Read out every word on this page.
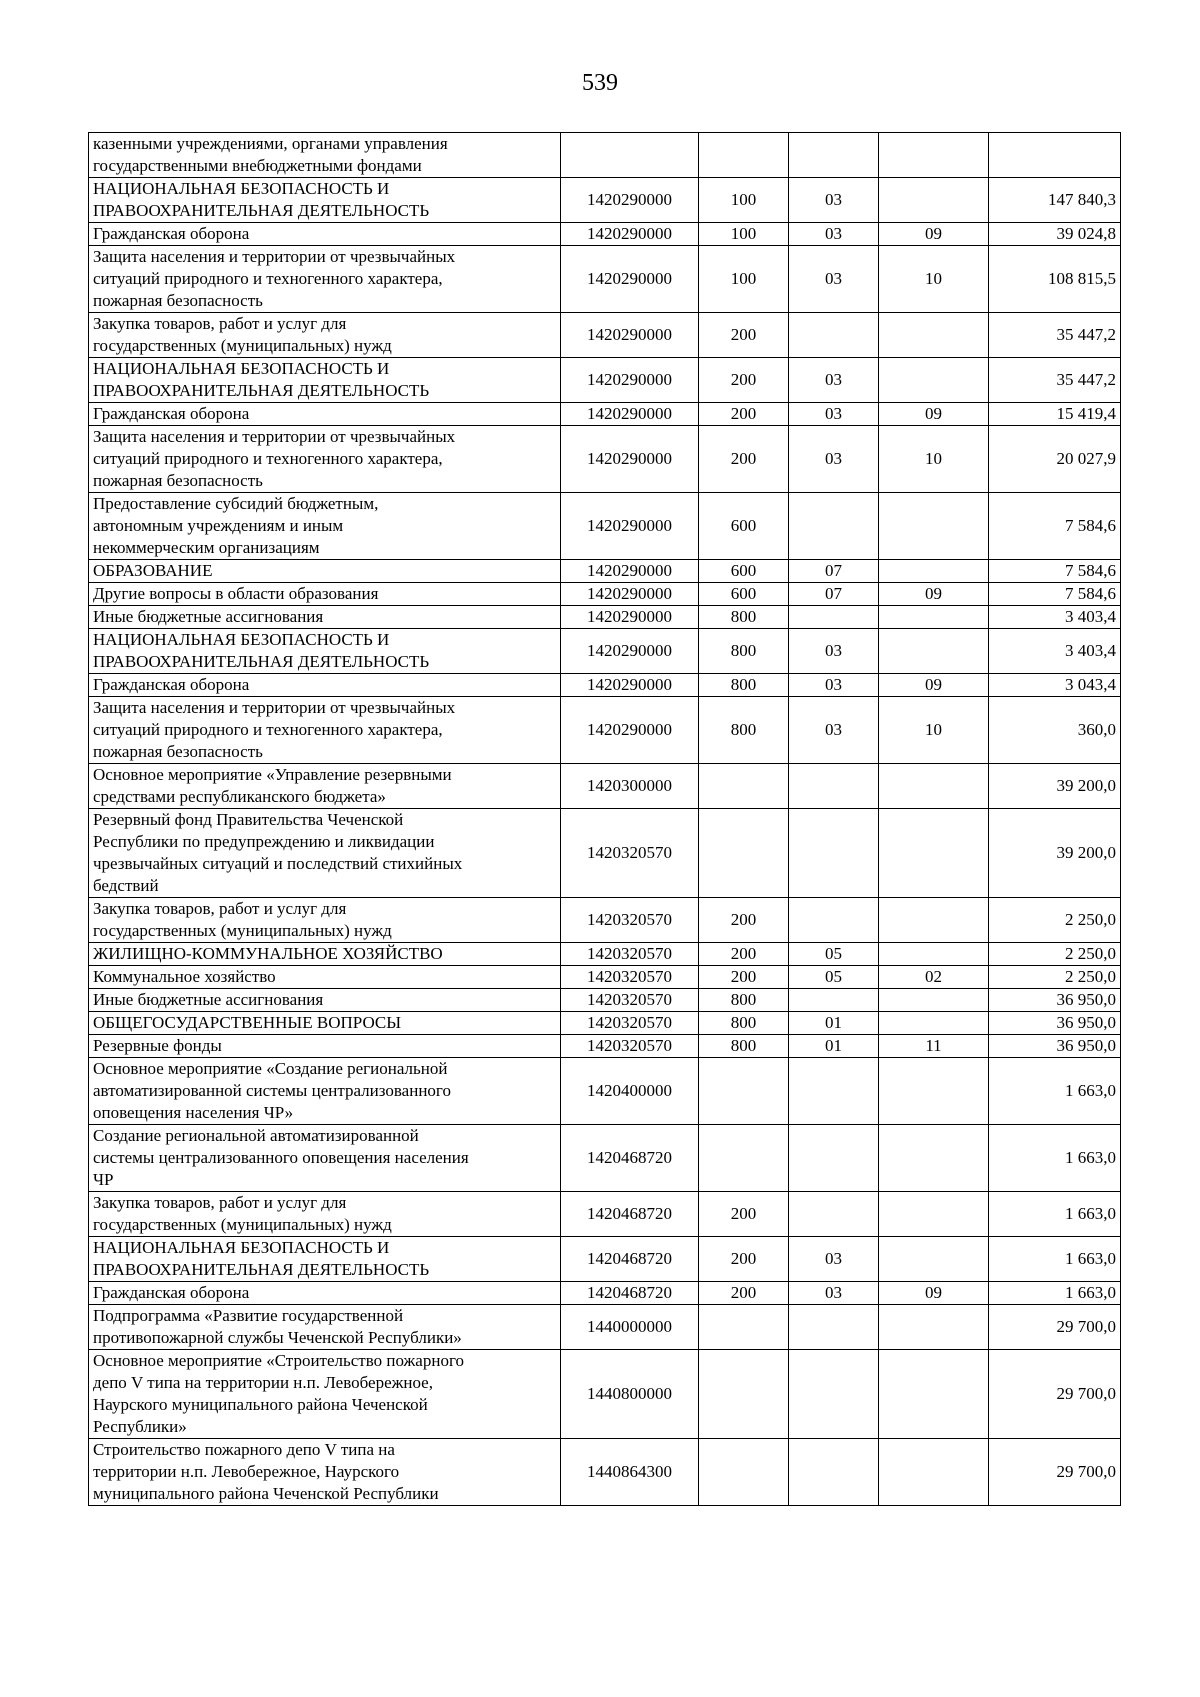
539
казенными учреждениями, органами управления
государственными внебюджетными фондами					
НАЦИОНАЛЬНАЯ БЕЗОПАСНОСТЬ И
ПРАВООХРАНИТЕЛЬНАЯ ДЕЯТЕЛЬНОСТЬ	1420290000	100	03		147 840,3
Гражданская оборона	1420290000	100	03	09	39 024,8
Защита населения и территории от чрезвычайных
ситуаций природного и техногенного характера,
пожарная безопасность	1420290000	100	03	10	108 815,5
Закупка товаров, работ и услуг для
государственных (муниципальных) нужд	1420290000	200			35 447,2
НАЦИОНАЛЬНАЯ БЕЗОПАСНОСТЬ И
ПРАВООХРАНИТЕЛЬНАЯ ДЕЯТЕЛЬНОСТЬ	1420290000	200	03		35 447,2
Гражданская оборона	1420290000	200	03	09	15 419,4
Защита населения и территории от чрезвычайных
ситуаций природного и техногенного характера,
пожарная безопасность	1420290000	200	03	10	20 027,9
Предоставление субсидий бюджетным,
автономным учреждениям и иным
некоммерческим организациям	1420290000	600			7 584,6
ОБРАЗОВАНИЕ	1420290000	600	07		7 584,6
Другие вопросы в области образования	1420290000	600	07	09	7 584,6
Иные бюджетные ассигнования	1420290000	800			3 403,4
НАЦИОНАЛЬНАЯ БЕЗОПАСНОСТЬ И
ПРАВООХРАНИТЕЛЬНАЯ ДЕЯТЕЛЬНОСТЬ	1420290000	800	03		3 403,4
Гражданская оборона	1420290000	800	03	09	3 043,4
Защита населения и территории от чрезвычайных
ситуаций природного и техногенного характера,
пожарная безопасность	1420290000	800	03	10	360,0
Основное мероприятие «Управление резервными
средствами республиканского бюджета»	1420300000				39 200,0
Резервный фонд Правительства Чеченской
Республики по предупреждению и ликвидации
чрезвычайных ситуаций и последствий стихийных
бедствий	1420320570				39 200,0
Закупка товаров, работ и услуг для
государственных (муниципальных) нужд	1420320570	200			2 250,0
ЖИЛИЩНО-КОММУНАЛЬНОЕ ХОЗЯЙСТВО	1420320570	200	05		2 250,0
Коммунальное хозяйство	1420320570	200	05	02	2 250,0
Иные бюджетные ассигнования	1420320570	800			36 950,0
ОБЩЕГОСУДАРСТВЕННЫЕ ВОПРОСЫ	1420320570	800	01		36 950,0
Резервные фонды	1420320570	800	01	11	36 950,0
Основное мероприятие «Создание региональной
автоматизированной системы централизованного
оповещения населения ЧР»	1420400000				1 663,0
Создание региональной автоматизированной
системы централизованного оповещения населения
ЧР	1420468720				1 663,0
Закупка товаров, работ и услуг для
государственных (муниципальных) нужд	1420468720	200			1 663,0
НАЦИОНАЛЬНАЯ БЕЗОПАСНОСТЬ И
ПРАВООХРАНИТЕЛЬНАЯ ДЕЯТЕЛЬНОСТЬ	1420468720	200	03		1 663,0
Гражданская оборона	1420468720	200	03	09	1 663,0
Подпрограмма «Развитие государственной
противопожарной службы Чеченской Республики»	1440000000				29 700,0
Основное мероприятие «Строительство пожарного
депо V типа на территории н.п. Левобережное,
Наурского муниципального района Чеченской
Республики»	1440800000				29 700,0
Строительство пожарного депо V типа на
территории н.п. Левобережное, Наурского
муниципального района Чеченской Республики	1440864300				29 700,0
